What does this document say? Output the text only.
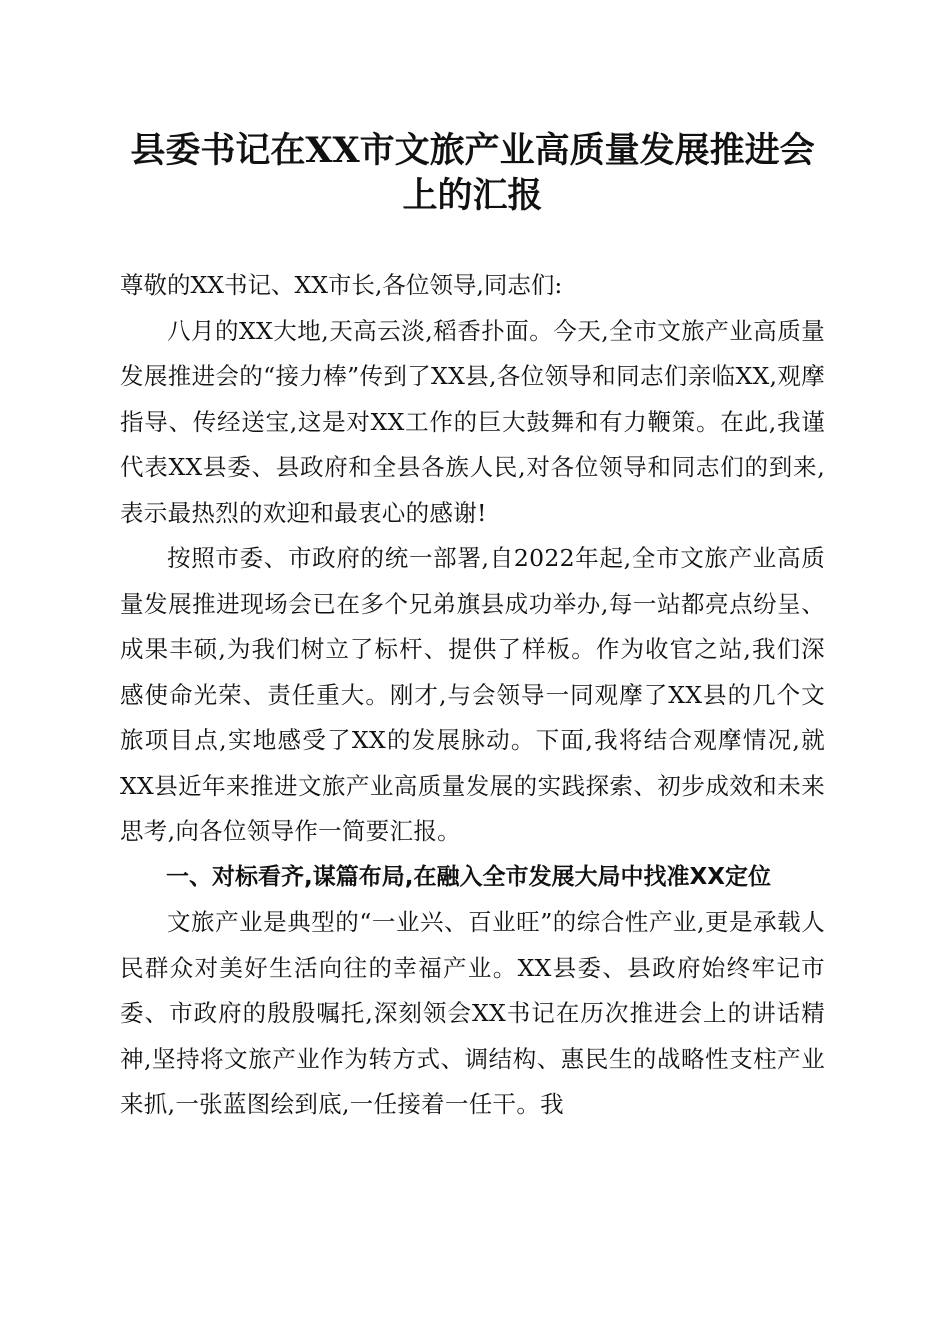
县委书记在XX市文旅产业高质量发展推进会
上的汇报

尊敬的XX书记、XX市长,各位领导,同志们:

八月的XX大地,天高云淡,稻香扑面。今天,全市文旅产业高质量发展推进会的“接力棒”传到了XX县,各位领导和同志们亲临XX,观摩指导、传经送宝,这是对XX工作的巨大鼓舞和有力鞭策。在此,我谨代表XX县委、县政府和全县各族人民,对各位领导和同志们的到来,表示最热烈的欢迎和最衷心的感谢!

按照市委、市政府的统一部署,自2022年起,全市文旅产业高质量发展推进现场会已在多个兄弟旗县成功举办,每一站都亮点纷呈、成果丰硕,为我们树立了标杆、提供了样板。作为收官之站,我们深感使命光荣、责任重大。刚才,与会领导一同观摩了XX县的几个文旅项目点,实地感受了XX的发展脉动。下面,我将结合观摩情况,就XX县近年来推进文旅产业高质量发展的实践探索、初步成效和未来思考,向各位领导作一简要汇报。

一、对标看齐,谋篇布局,在融入全市发展大局中找准XX定位

文旅产业是典型的“一业兴、百业旺”的综合性产业,更是承载人民群众对美好生活向往的幸福产业。XX县委、县政府始终牢记市委、市政府的殷殷嘱托,深刻领会XX书记在历次推进会上的讲话精神,坚持将文旅产业作为转方式、调结构、惠民生的战略性支柱产业来抓,一张蓝图绘到底,一任接着一任干。我
